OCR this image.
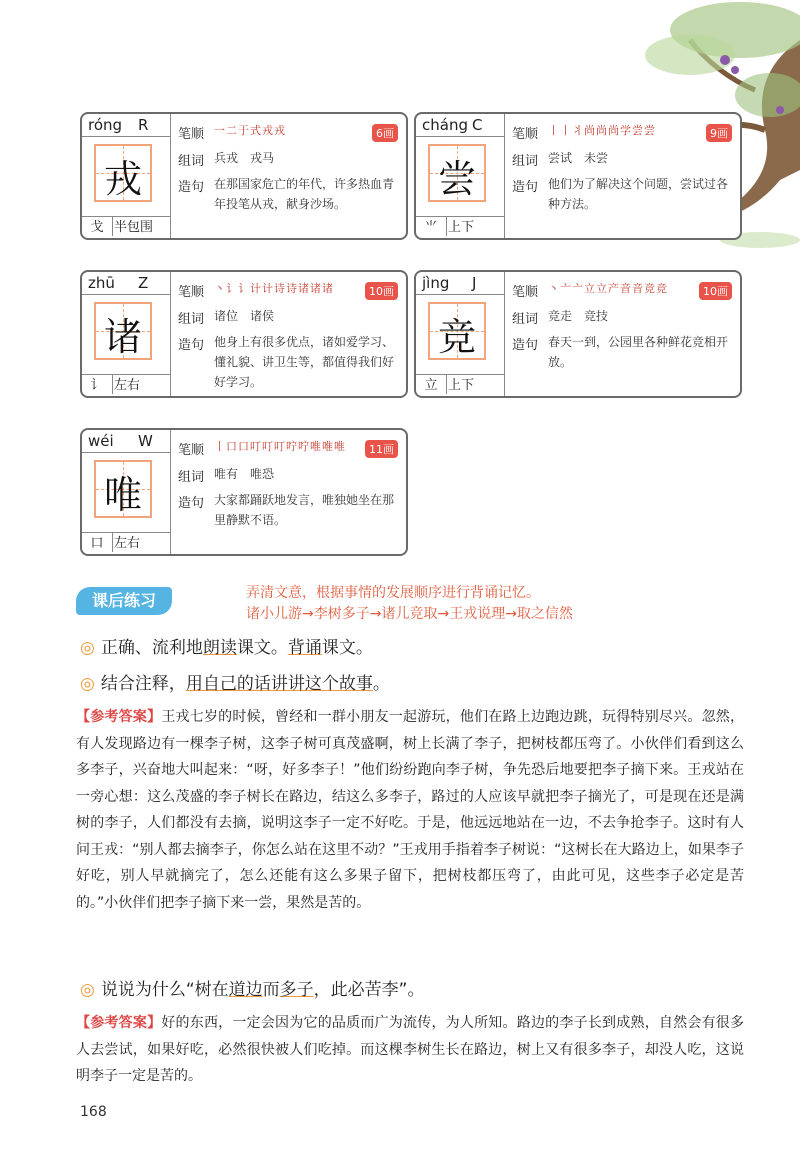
róng R
戎
戈 半包围
笔顺 一二于式戎戎	6画
组词 兵戎　戎马
造句 在那国家危亡的年代，许多热血青年投笔从戎，献身沙场。
cháng C
尝
⺌ 上下
笔顺 丨丨丬尚尚尚学尝尝	9画
组词 尝试　未尝
造句 他们为了解决这个问题，尝试过各种方法。
zhū Z
诸
讠 左右
笔顺 丶讠讠计计诗诗诸诸诸	10画
组词 诸位　诸侯
造句 他身上有很多优点，诸如爱学习、懂礼貌、讲卫生等，都值得我们好好学习。
jìng J
竞
立 上下
笔顺 丶亠亠立立产音音竞竞	10画
组词 竞走　竞技
造句 春天一到，公园里各种鲜花竞相开放。
wéi W
唯
口 左右
笔顺 丨口口叮叮叮咛咛唯唯唯	11画
组词 唯有　唯恐
造句 大家都踊跃地发言，唯独她坐在那里静默不语。
课后练习	弄清文意，根据事情的发展顺序进行背诵记忆。
诸小儿游→李树多子→诸儿竞取→王戎说理→取之信然
◎ 正确、流利地朗读课文。背诵课文。
◎ 结合注释，用自己的话讲讲这个故事。
【参考答案】王戎七岁的时候，曾经和一群小朋友一起游玩，他们在路上边跑边跳，玩得特别尽兴。忽然，有人发现路边有一棵李子树，这李子树可真茂盛啊，树上长满了李子，把树枝都压弯了。小伙伴们看到这么多李子，兴奋地大叫起来：“呀，好多李子！”他们纷纷跑向李子树，争先恐后地要把李子摘下来。王戎站在一旁心想：这么茂盛的李子树长在路边，结这么多李子，路过的人应该早就把李子摘光了，可是现在还是满树的李子，人们都没有去摘，说明这李子一定不好吃。于是，他远远地站在一边，不去争抢李子。这时有人问王戎：“别人都去摘李子，你怎么站在这里不动？”王戎用手指着李子树说：“这树长在大路边上，如果李子好吃，别人早就摘完了，怎么还能有这么多果子留下，把树枝都压弯了，由此可见，这些李子必定是苦的。”小伙伴们把李子摘下来一尝，果然是苦的。
◎ 说说为什么“树在道边而多子，此必苦李”。
【参考答案】好的东西，一定会因为它的品质而广为流传，为人所知。路边的李子长到成熟，自然会有很多人去尝试，如果好吃，必然很快被人们吃掉。而这棵李树生长在路边，树上又有很多李子，却没人吃，这说明李子一定是苦的。
168
